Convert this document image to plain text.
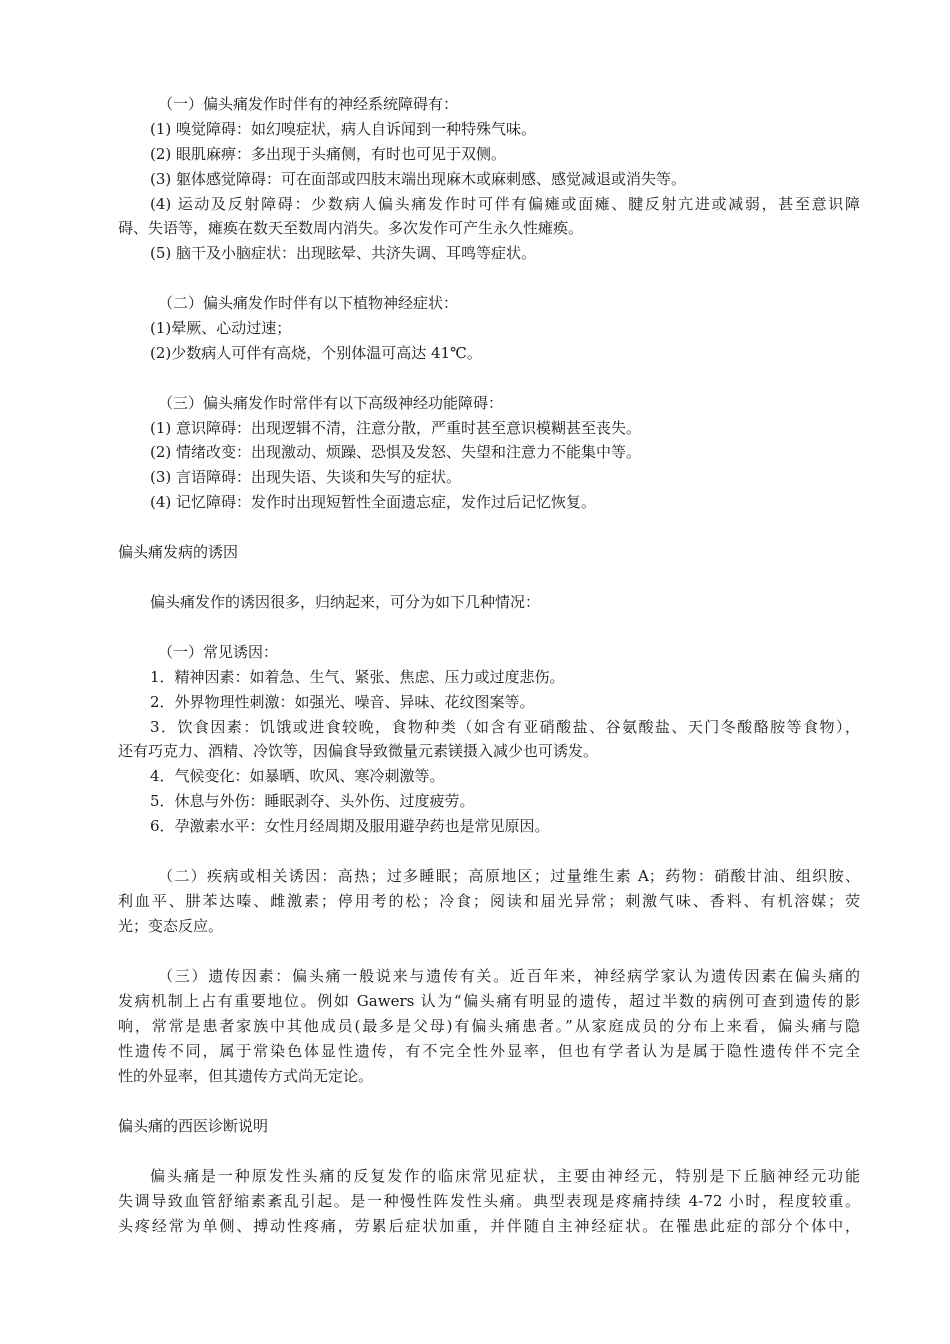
（一）偏头痛发作时伴有的神经系统障碍有：
(1) 嗅觉障碍：如幻嗅症状，病人自诉闻到一种特殊气味。
(2) 眼肌麻痹：多出现于头痛侧，有时也可见于双侧。
(3) 躯体感觉障碍：可在面部或四肢末端出现麻木或麻刺感、感觉减退或消失等。
(4) 运动及反射障碍：少数病人偏头痛发作时可伴有偏瘫或面瘫、腱反射亢进或减弱，甚至意识障
碍、失语等，瘫痪在数天至数周内消失。多次发作可产生永久性瘫痪。
(5) 脑干及小脑症状：出现眩晕、共济失调、耳鸣等症状。
（二）偏头痛发作时伴有以下植物神经症状：
(1)晕厥、心动过速；
(2)少数病人可伴有高烧，个别体温可高达 41℃。
（三）偏头痛发作时常伴有以下高级神经功能障碍：
(1) 意识障碍：出现逻辑不清，注意分散，严重时甚至意识模糊甚至丧失。
(2) 情绪改变：出现激动、烦躁、恐惧及发怒、失望和注意力不能集中等。
(3) 言语障碍：出现失语、失谈和失写的症状。
(4) 记忆障碍：发作时出现短暂性全面遗忘症，发作过后记忆恢复。
偏头痛发病的诱因
偏头痛发作的诱因很多，归纳起来，可分为如下几种情况：
（一）常见诱因：
1．精神因素：如着急、生气、紧张、焦虑、压力或过度悲伤。
2．外界物理性刺激：如强光、噪音、异味、花纹图案等。
3．饮食因素：饥饿或进食较晚，食物种类（如含有亚硝酸盐、谷氨酸盐、天门冬酸酪胺等食物），
还有巧克力、酒精、冷饮等，因偏食导致微量元素镁摄入减少也可诱发。
4．气候变化：如暴晒、吹风、寒冷刺激等。
5．休息与外伤：睡眠剥夺、头外伤、过度疲劳。
6．孕激素水平：女性月经周期及服用避孕药也是常见原因。
（二）疾病或相关诱因：高热；过多睡眠；高原地区；过量维生素 A；药物：硝酸甘油、组织胺、
利血平、肼苯达嗪、雌激素；停用考的松；冷食；阅读和届光异常；刺激气味、香料、有机溶媒；荧
光；变态反应。
（三）遗传因素：偏头痛一般说来与遗传有关。近百年来，神经病学家认为遗传因素在偏头痛的
发病机制上占有重要地位。例如 Gawers 认为“偏头痛有明显的遗传，超过半数的病例可查到遗传的影
响，常常是患者家族中其他成员(最多是父母)有偏头痛患者。”从家庭成员的分布上来看，偏头痛与隐
性遗传不同，属于常染色体显性遗传，有不完全性外显率，但也有学者认为是属于隐性遗传伴不完全
性的外显率，但其遗传方式尚无定论。
偏头痛的西医诊断说明
偏头痛是一种原发性头痛的反复发作的临床常见症状，主要由神经元，特别是下丘脑神经元功能
失调导致血管舒缩素紊乱引起。是一种慢性阵发性头痛。典型表现是疼痛持续 4-72 小时，程度较重。
头疼经常为单侧、搏动性疼痛，劳累后症状加重，并伴随自主神经症状。在罹患此症的部分个体中，
